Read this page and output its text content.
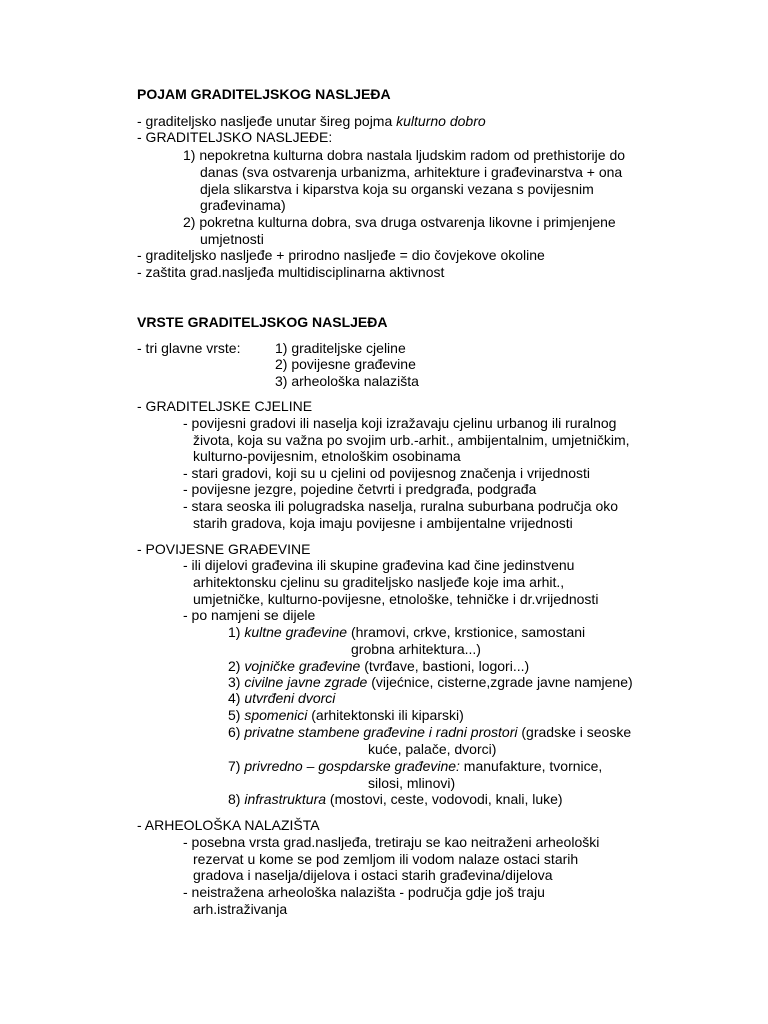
POJAM GRADITELJSKOG NASLJEĐA
- graditeljsko nasljeđe unutar šireg pojma kulturno dobro
- GRADITELJSKO NASLJEĐE:
1) nepokretna kulturna dobra nastala ljudskim radom od prethistorije do
danas (sva ostvarenja urbanizma, arhitekture i građevinarstva + ona
djela slikarstva i kiparstva koja su organski vezana s povijesnim
građevinama)
2) pokretna kulturna dobra, sva druga ostvarenja likovne i primjenjene
umjetnosti
- graditeljsko nasljeđe + prirodno nasljeđe = dio čovjekove okoline
- zaštita grad.nasljeđa multidisciplinarna aktivnost
VRSTE GRADITELJSKOG NASLJEĐA
- tri glavne vrste: 1) graditeljske cjeline
2) povijesne građevine
3) arheološka nalazišta
- GRADITELJSKE CJELINE
- povijesni gradovi ili naselja koji izražavaju cjelinu urbanog ili ruralnog
života, koja su važna po svojim urb.-arhit., ambijentalnim, umjetničkim,
kulturno-povijesnim, etnološkim osobinama
- stari gradovi, koji su u cjelini od povijesnog značenja i vrijednosti
- povijesne jezgre, pojedine četvrti i predgrađa, podgrađa
- stara seoska ili polugradska naselja, ruralna suburbana područja oko
starih gradova, koja imaju povijesne i ambijentalne vrijednosti
- POVIJESNE GRAĐEVINE
- ili dijelovi građevina ili skupine građevina kad čine jedinstvenu
arhitektonsku cjelinu su graditeljsko nasljeđe koje ima arhit.,
umjetničke, kulturno-povijesne, etnološke, tehničke i dr.vrijednosti
- po namjeni se dijele
1) kultne građevine (hramovi, crkve, krstionice, samostani
grobna arhitektura...)
2) vojničke građevine (tvrđave, bastioni, logori...)
3) civilne javne zgrade (vijećnice, cisterne,zgrade javne namjene)
4) utvrđeni dvorci
5) spomenici (arhitektonski ili kiparski)
6) privatne stambene građevine i radni prostori (gradske i seoske
kuće, palače, dvorci)
7) privredno – gospdarske građevine: manufakture, tvornice,
silosi, mlinovi)
8) infrastruktura (mostovi, ceste, vodovodi, knali, luke)
- ARHEOLOŠKA NALAZIŠTA
- posebna vrsta grad.nasljeđa, tretiraju se kao neitraženi arheološki
rezervat u kome se pod zemljom ili vodom nalaze ostaci starih
gradova i naselja/dijelova i ostaci starih građevina/dijelova
- neistražena arheološka nalazišta - područja gdje još traju
arh.istraživanja
